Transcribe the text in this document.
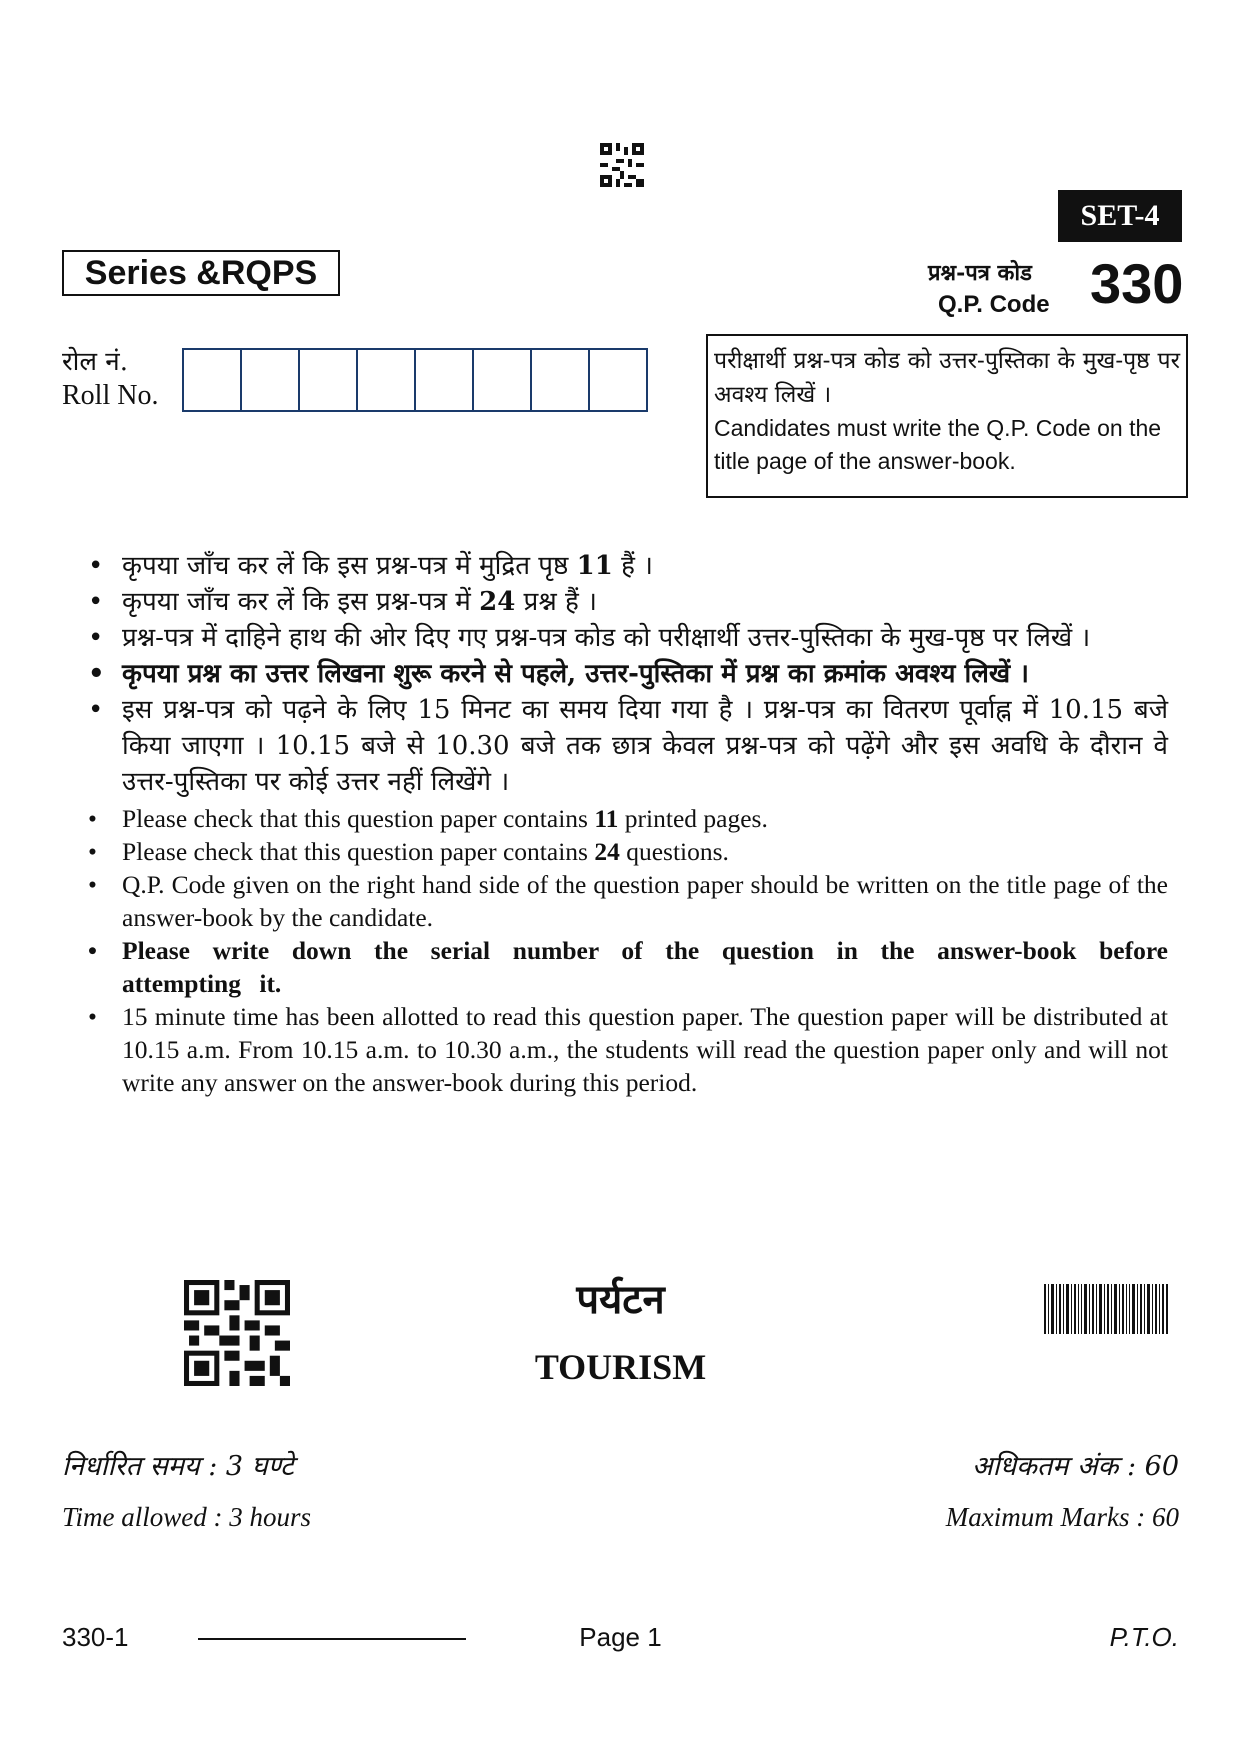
SET-4
Series &RQPS	प्रश्न-पत्र कोड
Q.P. Code 330
रोल नं.
Roll No.
परीक्षार्थी प्रश्न-पत्र कोड को उत्तर-पुस्तिका के मुख-पृष्ठ पर अवश्य लिखें ।
Candidates must write the Q.P. Code on the title page of the answer-book.
• कृपया जाँच कर लें कि इस प्रश्न-पत्र में मुद्रित पृष्ठ 11 हैं ।
• कृपया जाँच कर लें कि इस प्रश्न-पत्र में 24 प्रश्न हैं ।
• प्रश्न-पत्र में दाहिने हाथ की ओर दिए गए प्रश्न-पत्र कोड को परीक्षार्थी उत्तर-पुस्तिका के मुख-पृष्ठ पर लिखें ।
• कृपया प्रश्न का उत्तर लिखना शुरू करने से पहले, उत्तर-पुस्तिका में प्रश्न का क्रमांक अवश्य लिखें ।
• इस प्रश्न-पत्र को पढ़ने के लिए 15 मिनट का समय दिया गया है । प्रश्न-पत्र का वितरण पूर्वाह्न में 10.15 बजे किया जाएगा । 10.15 बजे से 10.30 बजे तक छात्र केवल प्रश्न-पत्र को पढ़ेंगे और इस अवधि के दौरान वे उत्तर-पुस्तिका पर कोई उत्तर नहीं लिखेंगे ।
• Please check that this question paper contains 11 printed pages.
• Please check that this question paper contains 24 questions.
• Q.P. Code given on the right hand side of the question paper should be written on the title page of the answer-book by the candidate.
• Please write down the serial number of the question in the answer-book before attempting it.
• 15 minute time has been allotted to read this question paper. The question paper will be distributed at 10.15 a.m. From 10.15 a.m. to 10.30 a.m., the students will read the question paper only and will not write any answer on the answer-book during this period.
पर्यटन
TOURISM
निर्धारित समय : 3 घण्टे
Time allowed : 3 hours
अधिकतम अंक : 60
Maximum Marks : 60
330-1	Page 1	P.T.O.
